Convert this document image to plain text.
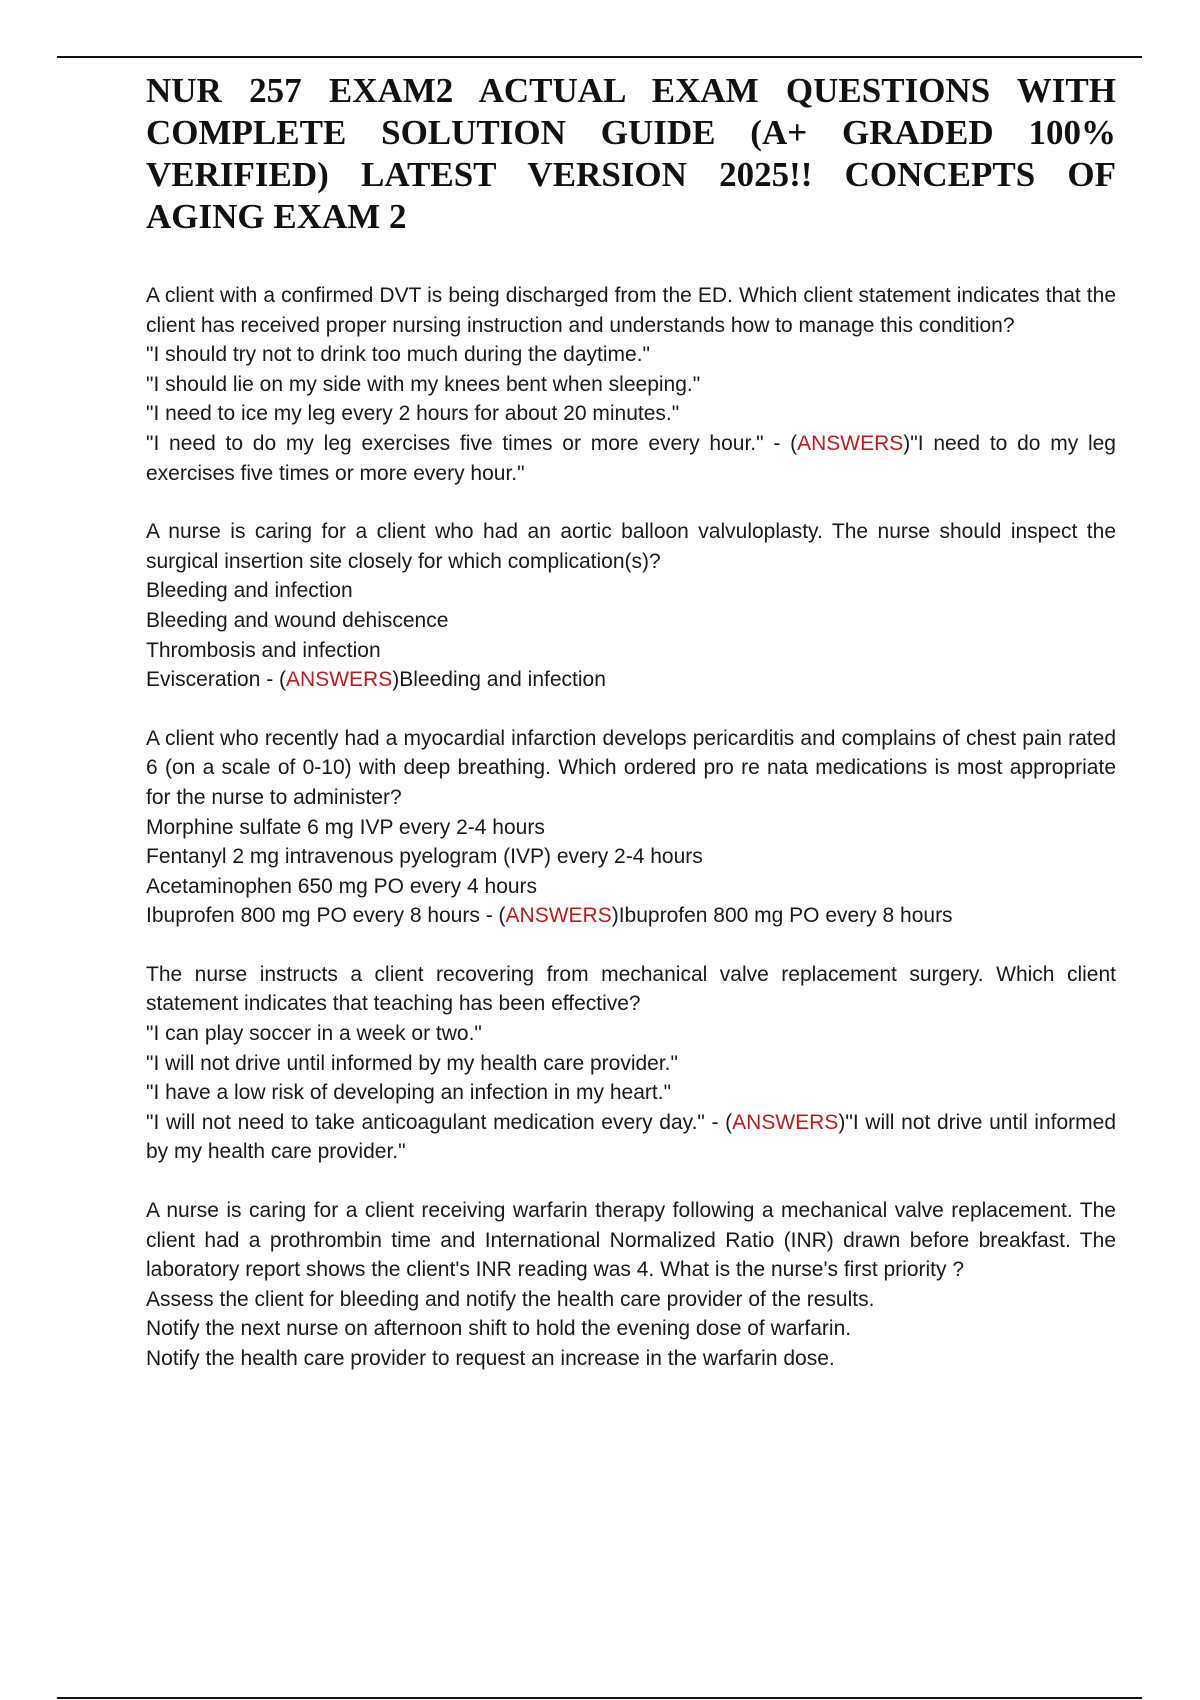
NUR 257 EXAM2 ACTUAL EXAM QUESTIONS WITH COMPLETE SOLUTION GUIDE (A+ GRADED 100% VERIFIED) LATEST VERSION 2025!! CONCEPTS OF AGING EXAM 2

A client with a confirmed DVT is being discharged from the ED. Which client statement indicates that the client has received proper nursing instruction and understands how to manage this condition?

"I should try not to drink too much during the daytime."

"I should lie on my side with my knees bent when sleeping."

"I need to ice my leg every 2 hours for about 20 minutes."

"I need to do my leg exercises five times or more every hour." - (ANSWERS)"I need to do my leg exercises five times or more every hour."

A nurse is caring for a client who had an aortic balloon valvuloplasty. The nurse should inspect the surgical insertion site closely for which complication(s)?

Bleeding and infection

Bleeding and wound dehiscence

Thrombosis and infection

Evisceration - (ANSWERS)Bleeding and infection

A client who recently had a myocardial infarction develops pericarditis and complains of chest pain rated 6 (on a scale of 0-10) with deep breathing. Which ordered pro re nata medications is most appropriate for the nurse to administer?

Morphine sulfate 6 mg IVP every 2-4 hours

Fentanyl 2 mg intravenous pyelogram (IVP) every 2-4 hours

Acetaminophen 650 mg PO every 4 hours

Ibuprofen 800 mg PO every 8 hours - (ANSWERS)Ibuprofen 800 mg PO every 8 hours

The nurse instructs a client recovering from mechanical valve replacement surgery. Which client statement indicates that teaching has been effective?

"I can play soccer in a week or two."

"I will not drive until informed by my health care provider."

"I have a low risk of developing an infection in my heart."

"I will not need to take anticoagulant medication every day." - (ANSWERS)"I will not drive until informed by my health care provider."

A nurse is caring for a client receiving warfarin therapy following a mechanical valve replacement. The client had a prothrombin time and International Normalized Ratio (INR) drawn before breakfast. The laboratory report shows the client's INR reading was 4. What is the nurse's first priority ?

Assess the client for bleeding and notify the health care provider of the results.

Notify the next nurse on afternoon shift to hold the evening dose of warfarin.

Notify the health care provider to request an increase in the warfarin dose.
